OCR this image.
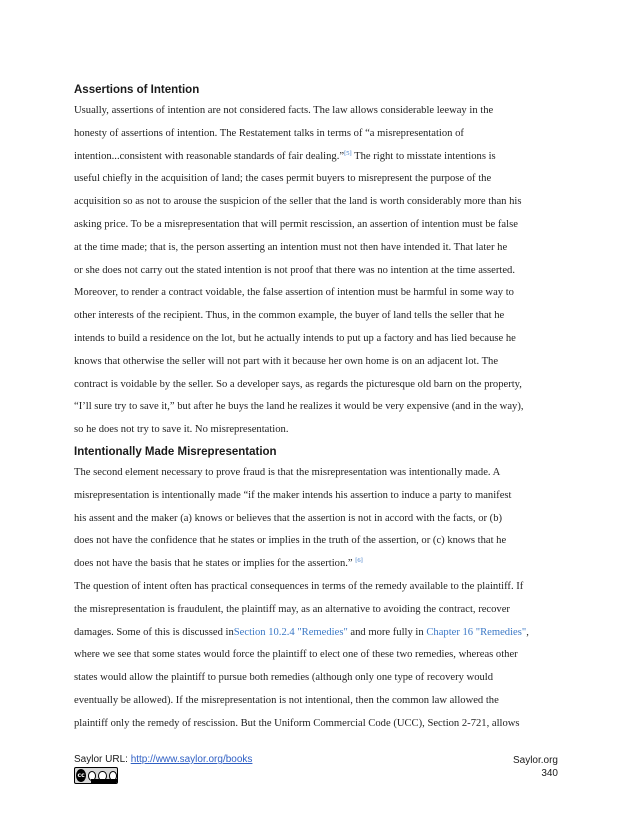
Assertions of Intention

Usually, assertions of intention are not considered facts. The law allows considerable leeway in the
honesty of assertions of intention. The Restatement talks in terms of “a misrepresentation of
intention...consistent with reasonable standards of fair dealing.”[5] The right to misstate intentions is
useful chiefly in the acquisition of land; the cases permit buyers to misrepresent the purpose of the
acquisition so as not to arouse the suspicion of the seller that the land is worth considerably more than his
asking price. To be a misrepresentation that will permit rescission, an assertion of intention must be false
at the time made; that is, the person asserting an intention must not then have intended it. That later he
or she does not carry out the stated intention is not proof that there was no intention at the time asserted.
Moreover, to render a contract voidable, the false assertion of intention must be harmful in some way to
other interests of the recipient. Thus, in the common example, the buyer of land tells the seller that he
intends to build a residence on the lot, but he actually intends to put up a factory and has lied because he
knows that otherwise the seller will not part with it because her own home is on an adjacent lot. The
contract is voidable by the seller. So a developer says, as regards the picturesque old barn on the property,
“I’ll sure try to save it,” but after he buys the land he realizes it would be very expensive (and in the way),
so he does not try to save it. No misrepresentation.

Intentionally Made Misrepresentation

The second element necessary to prove fraud is that the misrepresentation was intentionally made. A
misrepresentation is intentionally made “if the maker intends his assertion to induce a party to manifest
his assent and the maker (a) knows or believes that the assertion is not in accord with the facts, or (b)
does not have the confidence that he states or implies in the truth of the assertion, or (c) knows that he
does not have the basis that he states or implies for the assertion.” [6]

The question of intent often has practical consequences in terms of the remedy available to the plaintiff. If
the misrepresentation is fraudulent, the plaintiff may, as an alternative to avoiding the contract, recover
damages. Some of this is discussed inSection 10.2.4 "Remedies" and more fully in Chapter 16 "Remedies",
where we see that some states would force the plaintiff to elect one of these two remedies, whereas other
states would allow the plaintiff to pursue both remedies (although only one type of recovery would
eventually be allowed). If the misrepresentation is not intentional, then the common law allowed the
plaintiff only the remedy of rescission. But the Uniform Commercial Code (UCC), Section 2-721, allows

Saylor URL: http://www.saylor.org/books	Saylor.org
340
cc
